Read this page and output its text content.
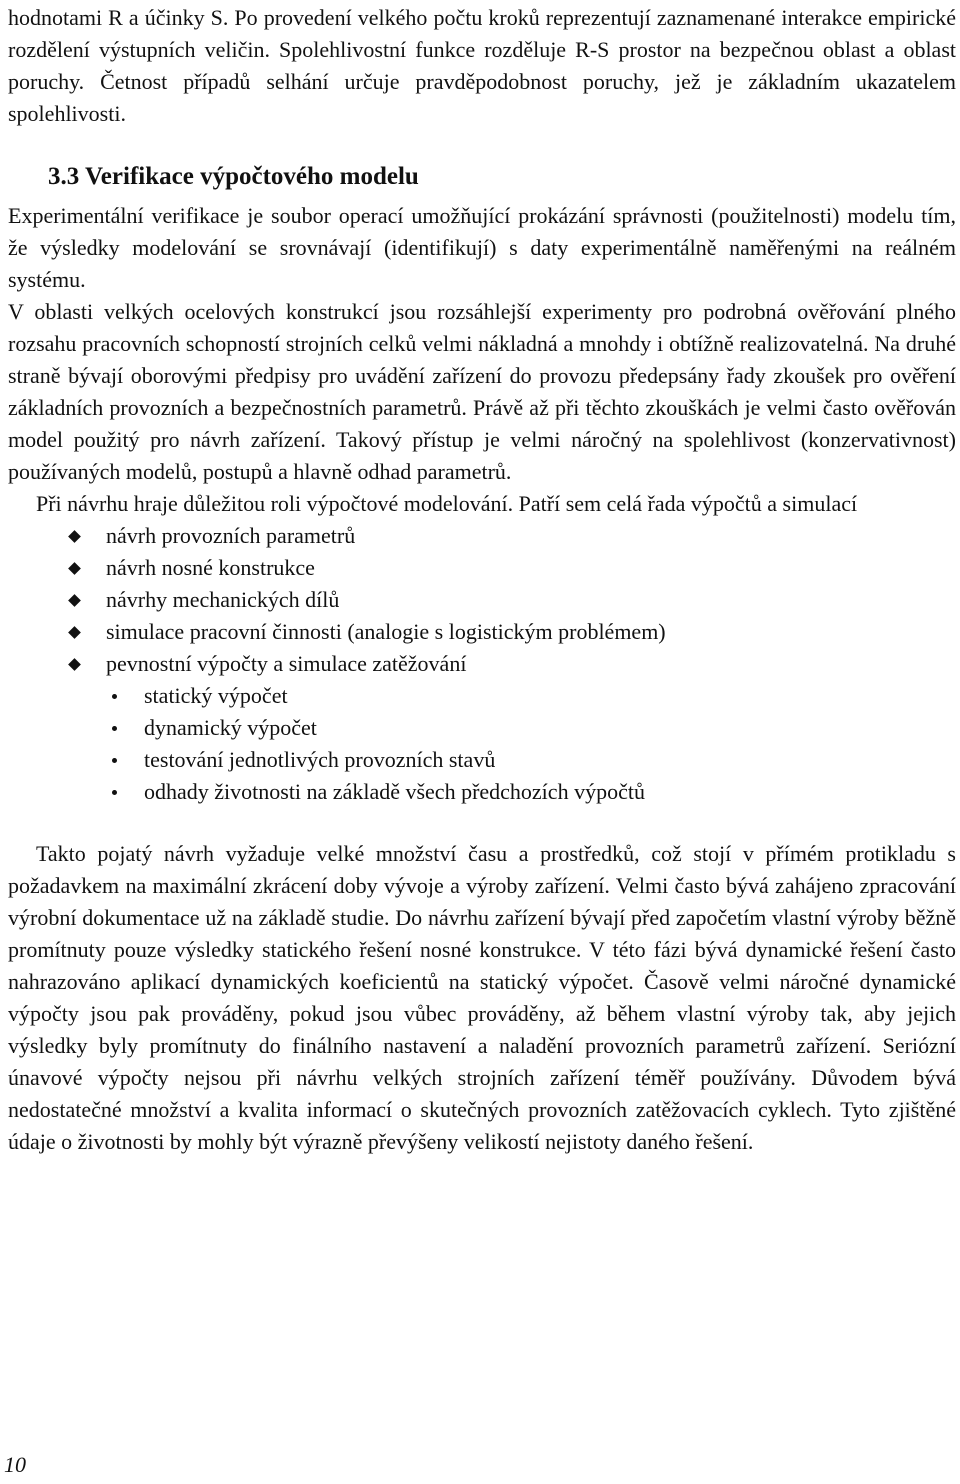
hodnotami R a účinky S. Po provedení velkého počtu kroků reprezentují zaznamenané interakce empirické rozdělení výstupních veličin. Spolehlivostní funkce rozděluje R-S prostor na bezpečnou oblast a oblast poruchy. Četnost případů selhání určuje pravděpodobnost poruchy, jež je základním ukazatelem spolehlivosti.

3.3 Verifikace výpočtového modelu

Experimentální verifikace je soubor operací umožňující prokázání správnosti (použitelnosti) modelu tím, že výsledky modelování se srovnávají (identifikují) s daty experimentálně naměřenými na reálném systému.

V oblasti velkých ocelových konstrukcí jsou rozsáhlejší experimenty pro podrobná ověřování plného rozsahu pracovních schopností strojních celků velmi nákladná a mnohdy i obtížně realizovatelná. Na druhé straně bývají oborovými předpisy pro uvádění zařízení do provozu předepsány řady zkoušek pro ověření základních provozních a bezpečnostních parametrů. Právě až při těchto zkouškách je velmi často ověřován model použitý pro návrh zařízení. Takový přístup je velmi náročný na spolehlivost (konzervativnost) používaných modelů, postupů a hlavně odhad parametrů.

Při návrhu hraje důležitou roli výpočtové modelování. Patří sem celá řada výpočtů a simulací

návrh provozních parametrů
návrh nosné konstrukce
návrhy mechanických dílů
simulace pracovní činnosti (analogie s logistickým problémem)
pevnostní výpočty a simulace zatěžování
statický výpočet
dynamický výpočet
testování jednotlivých provozních stavů
odhady životnosti na základě všech předchozích výpočtů

Takto pojatý návrh vyžaduje velké množství času a prostředků, což stojí v přímém protikladu s požadavkem na maximální zkrácení doby vývoje a výroby zařízení. Velmi často bývá zahájeno zpracování výrobní dokumentace už na základě studie. Do návrhu zařízení bývají před započetím vlastní výroby běžně promítnuty pouze výsledky statického řešení nosné konstrukce. V této fázi bývá dynamické řešení často nahrazováno aplikací dynamických koeficientů na statický výpočet. Časově velmi náročné dynamické výpočty jsou pak prováděny, pokud jsou vůbec prováděny, až během vlastní výroby tak, aby jejich výsledky byly promítnuty do finálního nastavení a naladění provozních parametrů zařízení. Seriózní únavové výpočty nejsou při návrhu velkých strojních zařízení téměř používány. Důvodem bývá nedostatečné množství a kvalita informací o skutečných provozních zatěžovacích cyklech. Tyto zjištěné údaje o životnosti by mohly být výrazně převýšeny velikostí nejistoty daného řešení.

10
